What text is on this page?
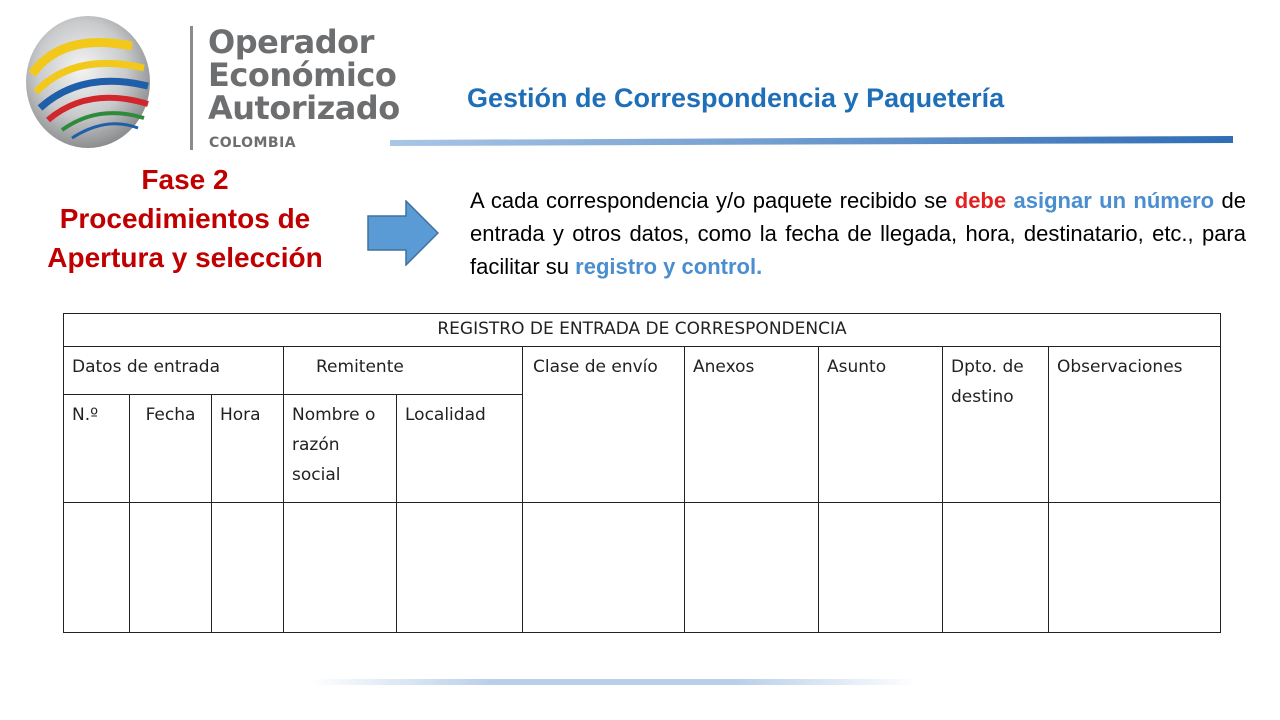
Operador
Económico
Autorizado
COLOMBIA
Gestión de Correspondencia y Paquetería
Fase 2
Procedimientos de
Apertura y selección
A cada correspondencia y/o paquete recibido se debe asignar un número de entrada y otros datos, como la fecha de llegada, hora, destinatario, etc., para facilitar su registro y control.
REGISTRO DE ENTRADA DE CORRESPONDENCIA									
Datos de entrada			Remitente		Clase de envío	Anexos	Asunto	Dpto. de destino	Observaciones
N.º	Fecha	Hora	Nombre o razón social	Localidad					
